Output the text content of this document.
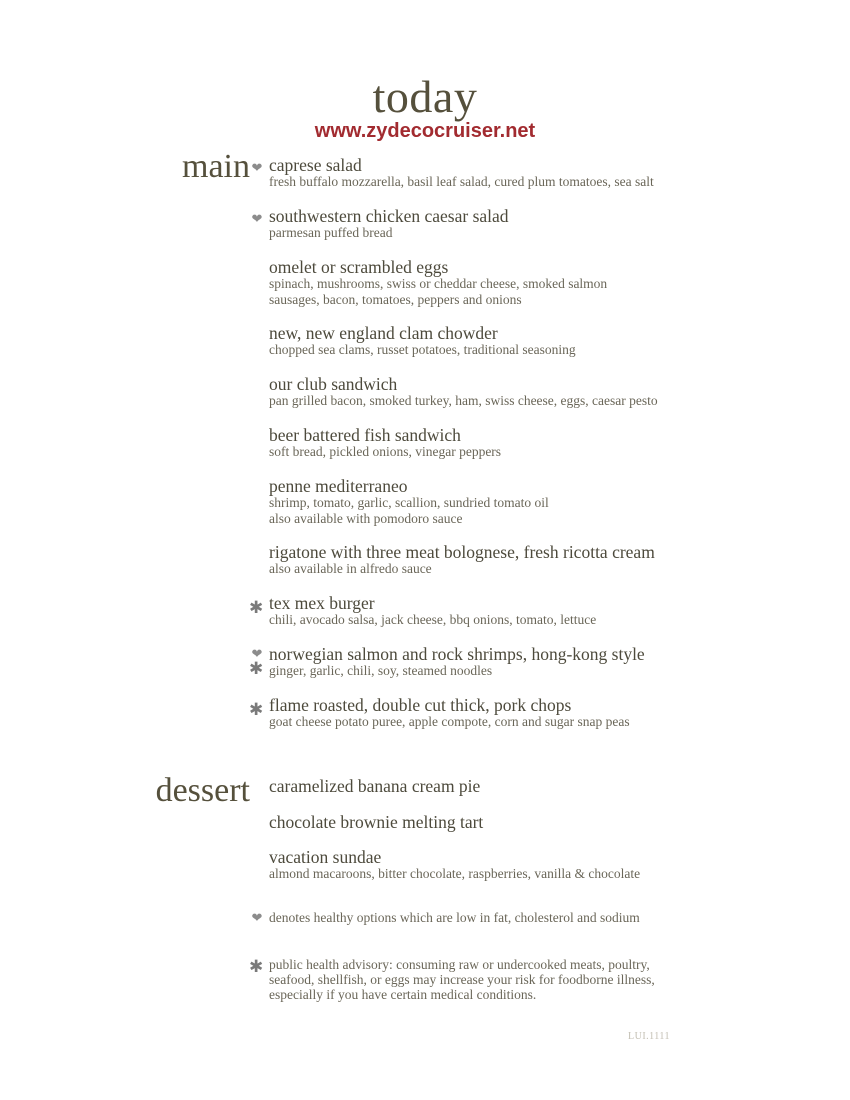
today
www.zydecocruiser.net
main
dessert
caprese salad
fresh buffalo mozzarella, basil leaf salad, cured plum tomatoes, sea salt
❤
southwestern chicken caesar salad
parmesan puffed bread
❤
omelet or scrambled eggs
spinach, mushrooms, swiss or cheddar cheese, smoked salmon
sausages, bacon, tomatoes, peppers and onions
new, new england clam chowder
chopped sea clams, russet potatoes, traditional seasoning
our club sandwich
pan grilled bacon, smoked turkey, ham, swiss cheese, eggs, caesar pesto
beer battered fish sandwich
soft bread, pickled onions, vinegar peppers
penne mediterraneo
shrimp, tomato, garlic, scallion, sundried tomato oil
also available with pomodoro sauce
rigatone with three meat bolognese, fresh ricotta cream
also available in alfredo sauce
tex mex burger
chili, avocado salsa, jack cheese, bbq onions, tomato, lettuce
✱
norwegian salmon and rock shrimps, hong-kong style
ginger, garlic, chili, soy, steamed noodles
❤
✱
flame roasted, double cut thick, pork chops
goat cheese potato puree, apple compote, corn and sugar snap peas
✱
caramelized banana cream pie
chocolate brownie melting tart
vacation sundae
almond macaroons, bitter chocolate, raspberries, vanilla & chocolate
❤ denotes healthy options which are low in fat, cholesterol and sodium
✱ public health advisory: consuming raw or undercooked meats, poultry,
seafood, shellfish, or eggs may increase your risk for foodborne illness,
especially if you have certain medical conditions.
LUI.1111
